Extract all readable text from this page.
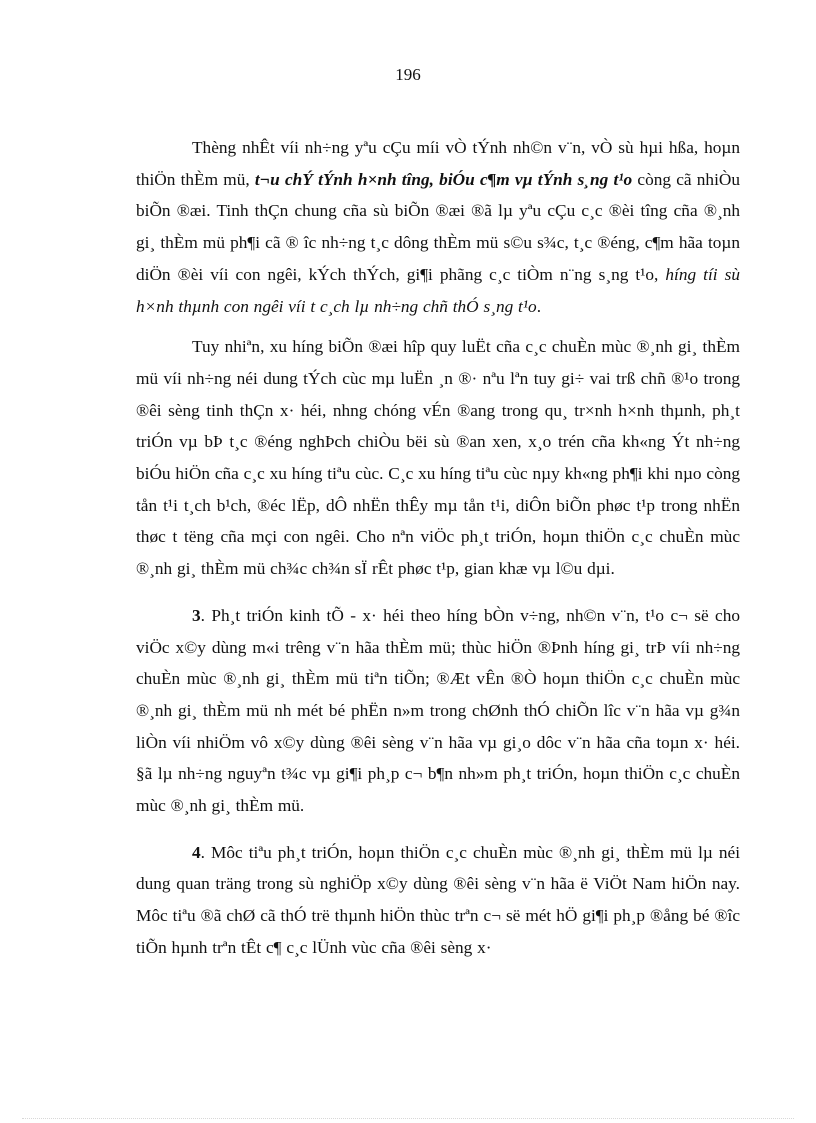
196

Thèng nhÊt víi nh÷ng yªu cÇu míi vÒ tÝnh nh©n v¨n, vÒ sù hµi hßa, hoµn thiÖn thÈm mü, t¬u chÝ tÝnh h×nh tîng, biÓu c¶m vµ tÝnh s¸ng t¹o còng cã nhiÒu biÕn ®æi. Tinh thÇn chung cña sù biÕn ®æi ®ã lµ yªu cÇu c¸c ®èi tîng cña ®¸nh gi¸ thÈm mü ph¶i cã ® îc nh÷ng t¸c dông thÈm mü s©u s¾c, t¸c ®éng, c¶m hãa toµn diÖn ®èi víi con ngêi, kÝch thÝch, gi¶i phãng c¸c tiÒm n¨ng s¸ng t¹o, híng tíi sù h×nh thµnh con ngêi víi t c¸ch lµ nh÷ng chñ thÓ s¸ng t¹o.

Tuy nhiªn, xu híng biÕn ®æi hîp quy luËt cña c¸c chuÈn mùc ®¸nh gi¸ thÈm mü víi nh÷ng néi dung tÝch cùc mµ luËn ¸n ®· nªu lªn tuy gi÷ vai trß chñ ®¹o trong ®êi sèng tinh thÇn x· héi, nhng chóng vÉn ®ang trong qu¸ tr×nh h×nh thµnh, ph¸t triÓn vµ bÞ t¸c ®éng nghÞch chiÒu bëi sù ®an xen, x¸o trén cña kh«ng Ýt nh÷ng biÓu hiÖn cña c¸c xu híng tiªu cùc. C¸c xu híng tiªu cùc nµy kh«ng ph¶i khi nµo còng tån t¹i t¸ch b¹ch, ®éc lËp, dÔ nhËn thÊy mµ tån t¹i, diÔn biÕn phøc t¹p trong nhËn thøc t tëng cña mçi con ngêi. Cho nªn viÖc ph¸t triÓn, hoµn thiÖn c¸c chuÈn mùc ®¸nh gi¸ thÈm mü ch¾c ch¾n sÏ rÊt phøc t¹p, gian khæ vµ l©u dµi.

3. Ph¸t triÓn kinh tÕ - x· héi theo híng bÒn v÷ng, nh©n v¨n, t¹o c¬ së cho viÖc x©y dùng m«i trêng v¨n hãa thÈm mü; thùc hiÖn ®Þnh híng gi¸ trÞ víi nh÷ng chuÈn mùc ®¸nh gi¸ thÈm mü tiªn tiÕn; ®Æt vÊn ®Ò hoµn thiÖn c¸c chuÈn mùc ®¸nh gi¸ thÈm mü nh mét bé phËn n»m trong chØnh thÓ chiÕn lîc v¨n hãa vµ g¾n liÒn víi nhiÖm vô x©y dùng ®êi sèng v¨n hãa vµ gi¸o dôc v¨n hãa cña toµn x· héi. §ã lµ nh÷ng nguyªn t¾c vµ gi¶i ph¸p c¬ b¶n nh»m ph¸t triÓn, hoµn thiÖn c¸c chuÈn mùc ®¸nh gi¸ thÈm mü.

4. Môc tiªu ph¸t triÓn, hoµn thiÖn c¸c chuÈn mùc ®¸nh gi¸ thÈm mü lµ néi dung quan träng trong sù nghiÖp x©y dùng ®êi sèng v¨n hãa ë ViÖt Nam hiÖn nay. Môc tiªu ®ã chØ cã thÓ trë thµnh hiÖn thùc trªn c¬ së mét hÖ gi¶i ph¸p ®ång bé ®îc tiÕn hµnh trªn tÊt c¶ c¸c lÜnh vùc cña ®êi sèng x·
